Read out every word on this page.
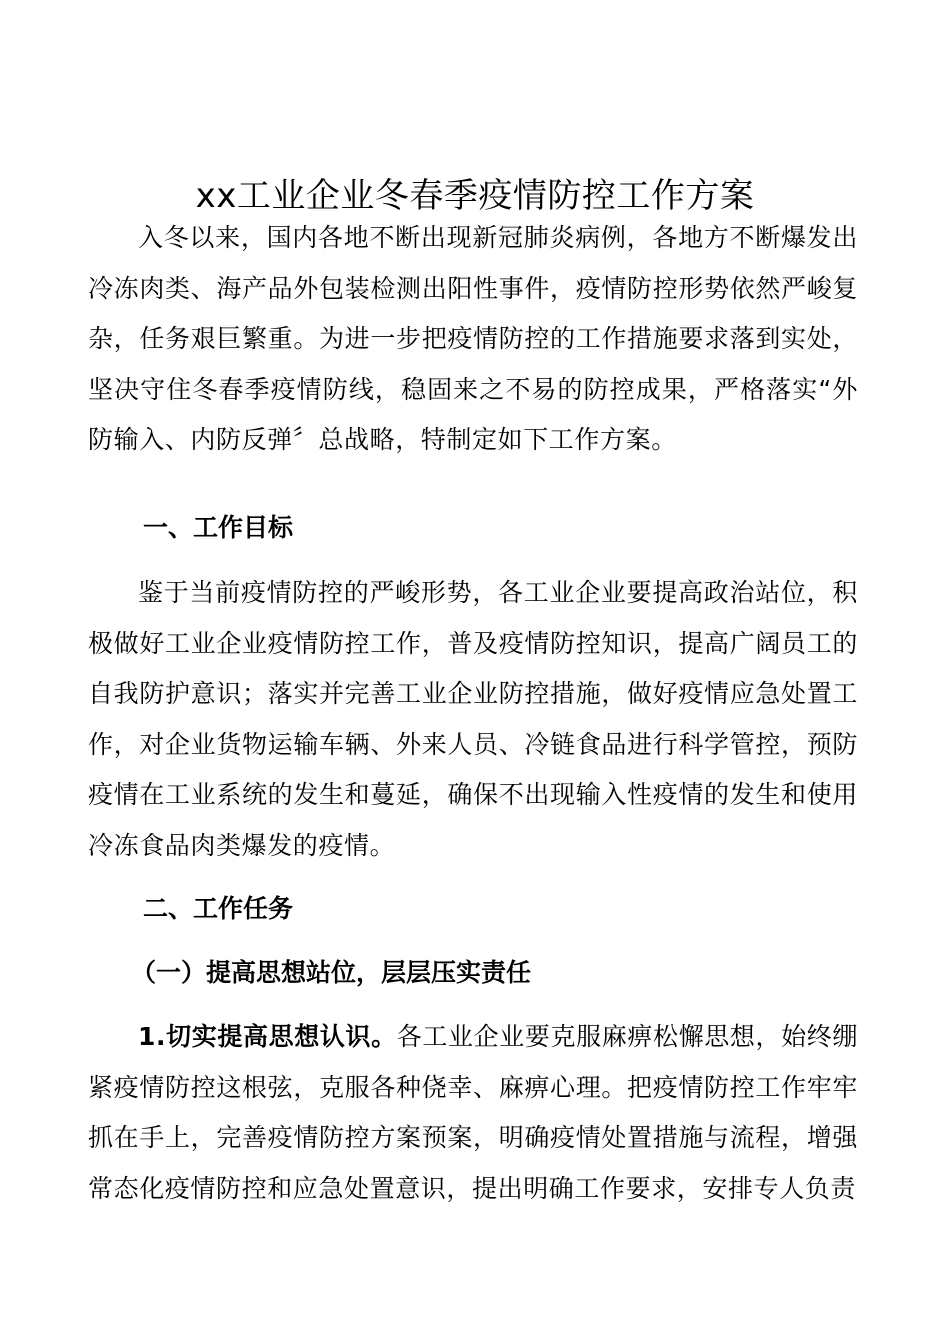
xx工业企业冬春季疫情防控工作方案

入冬以来，国内各地不断出现新冠肺炎病例，各地方不断爆发出冷冻肉类、海产品外包装检测出阳性事件，疫情防控形势依然严峻复杂，任务艰巨繁重。为进一步把疫情防控的工作措施要求落到实处，坚决守住冬春季疫情防线，稳固来之不易的防控成果，严格落实“外防输入、内防反弹〞总战略，特制定如下工作方案。

一、工作目标

鉴于当前疫情防控的严峻形势，各工业企业要提高政治站位，积极做好工业企业疫情防控工作，普及疫情防控知识，提高广阔员工的自我防护意识；落实并完善工业企业防控措施，做好疫情应急处置工作，对企业货物运输车辆、外来人员、冷链食品进行科学管控，预防疫情在工业系统的发生和蔓延，确保不出现输入性疫情的发生和使用冷冻食品肉类爆发的疫情。

二、工作任务
（一）提高思想站位，层层压实责任

1.切实提高思想认识。各工业企业要克服麻痹松懈思想，始终绷紧疫情防控这根弦，克服各种侥幸、麻痹心理。把疫情防控工作牢牢抓在手上，完善疫情防控方案预案，明确疫情处置措施与流程，增强常态化疫情防控和应急处置意识，提出明确工作要求，安排专人负责
